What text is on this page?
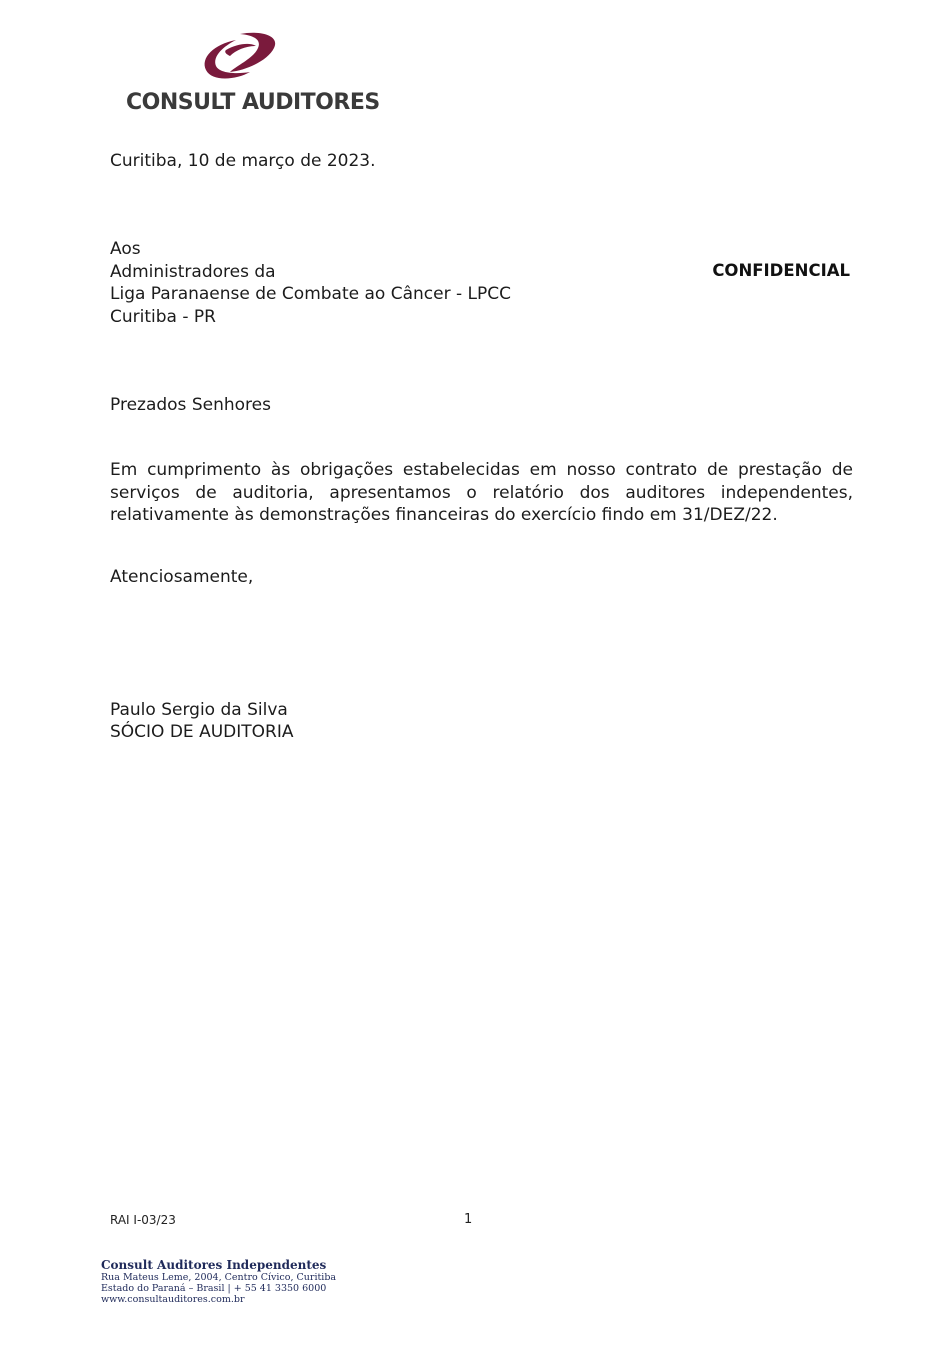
CONSULT AUDITORES
Curitiba, 10 de março de 2023.
Aos
Administradores da
Liga Paranaense de Combate ao Câncer - LPCC
Curitiba - PR
CONFIDENCIAL
Prezados Senhores
Em cumprimento às obrigações estabelecidas em nosso contrato de prestação de
serviços de auditoria, apresentamos o relatório dos auditores independentes,
relativamente às demonstrações financeiras do exercício findo em 31/DEZ/22.
Atenciosamente,
Paulo Sergio da Silva
SÓCIO DE AUDITORIA
RAI I-03/23	1
Consult Auditores Independentes
Rua Mateus Leme, 2004, Centro Cívico, Curitiba
Estado do Paraná – Brasil | + 55 41 3350 6000
www.consultauditores.com.br
